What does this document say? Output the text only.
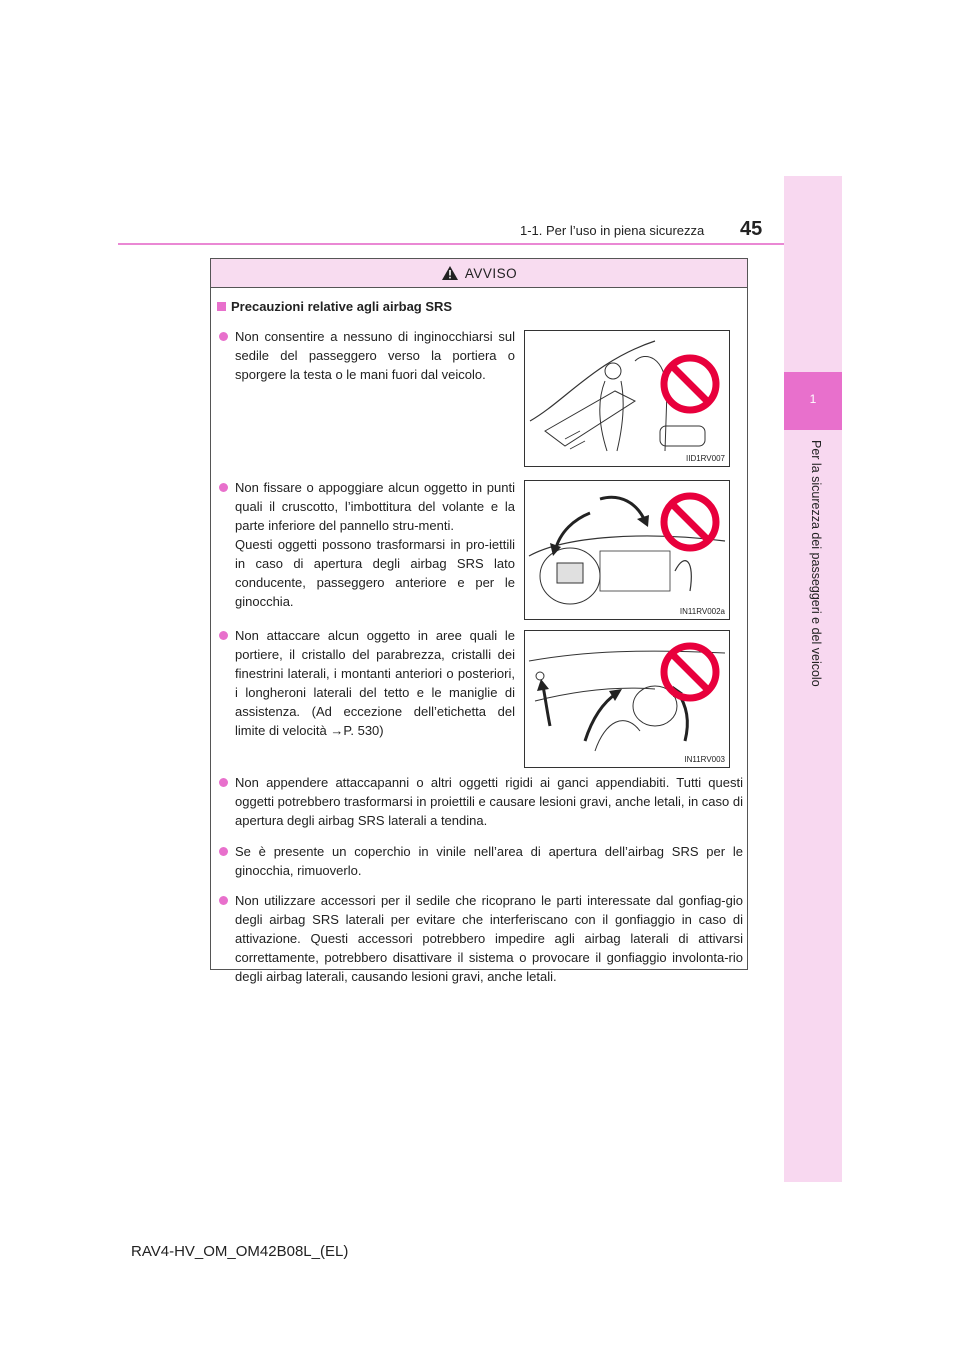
1
Per la sicurezza dei passeggeri e del veicolo
1-1. Per l’uso in piena sicurezza 45
AVVISO
Precauzioni relative agli airbag SRS
Non consentire a nessuno di inginocchiarsi sul sedile del passeggero verso la portiera o sporgere la testa o le mani fuori dal veicolo.
IID1RV007
Non fissare o appoggiare alcun oggetto in punti quali il cruscotto, l’imbottitura del volante e la parte inferiore del pannello stru-menti.
Questi oggetti possono trasformarsi in pro-iettili in caso di apertura degli airbag SRS lato conducente, passeggero anteriore e per le ginocchia.
IN11RV002a
Non attaccare alcun oggetto in aree quali le portiere, il cristallo del parabrezza, cristalli dei finestrini laterali, i montanti anteriori o posteriori, i longheroni laterali del tetto e le maniglie di assistenza. (Ad eccezione dell’etichetta del limite di velocità →P. 530)
IN11RV003
Non appendere attaccapanni o altri oggetti rigidi ai ganci appendiabiti. Tutti questi oggetti potrebbero trasformarsi in proiettili e causare lesioni gravi, anche letali, in caso di apertura degli airbag SRS laterali a tendina.
Se è presente un coperchio in vinile nell’area di apertura dell’airbag SRS per le ginocchia, rimuoverlo.
Non utilizzare accessori per il sedile che ricoprano le parti interessate dal gonfiag-gio degli airbag SRS laterali per evitare che interferiscano con il gonfiaggio in caso di attivazione. Questi accessori potrebbero impedire agli airbag laterali di attivarsi correttamente, potrebbero disattivare il sistema o provocare il gonfiaggio involonta-rio degli airbag laterali, causando lesioni gravi, anche letali.
RAV4-HV_OM_OM42B08L_(EL)
